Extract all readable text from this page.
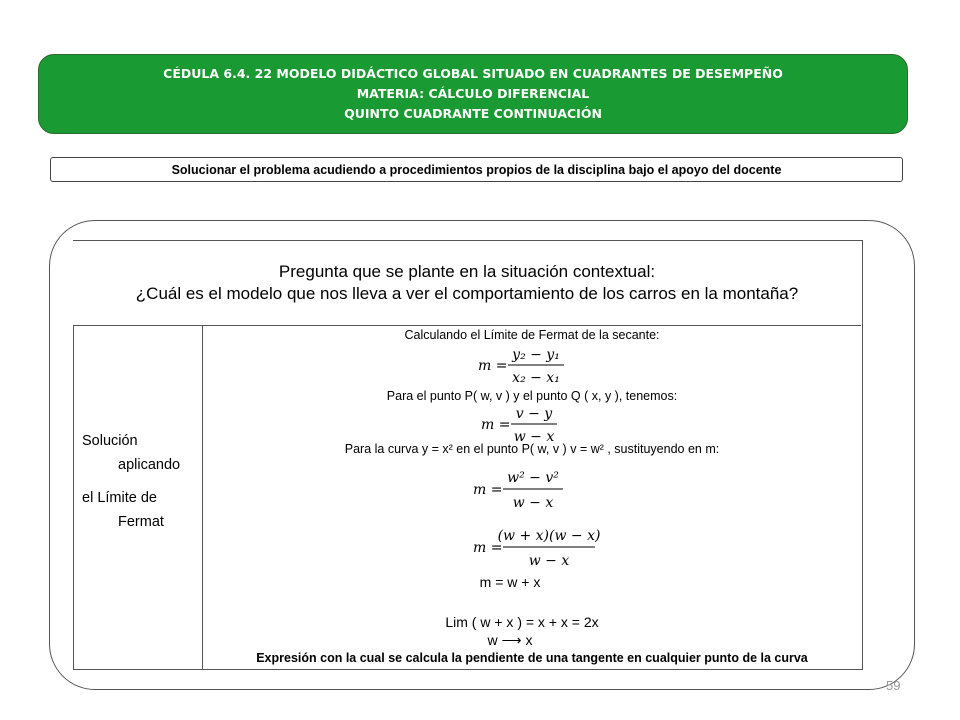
CÉDULA 6.4. 22 MODELO DIDÁCTICO GLOBAL SITUADO EN CUADRANTES DE DESEMPEÑO
MATERIA: CÁLCULO DIFERENCIAL
QUINTO CUADRANTE CONTINUACIÓN
Solucionar el problema acudiendo a procedimientos propios de la disciplina bajo el apoyo del docente
Pregunta que se plante en la situación contextual:
¿Cuál es el modelo que nos lleva a ver el comportamiento de los carros en la montaña?
Solución
aplicando
el Límite de
Fermat
Calculando el Límite de Fermat de la secante:
m =
y₂ − y₁
x₂ − x₁
Para el punto P( w, v ) y el punto Q ( x, y ), tenemos:
m =
v − y
w − x
Para la curva y = x² en el punto P( w, v ) v = w² , sustituyendo en m:
m =
w² − v²
w − x
m =
(w + x)(w − x)
w − x
m = w + x
Lim ( w + x ) = x + x = 2x
w ⟶ x
Expresión con la cual se calcula la pendiente de una tangente en cualquier punto de la curva
59
